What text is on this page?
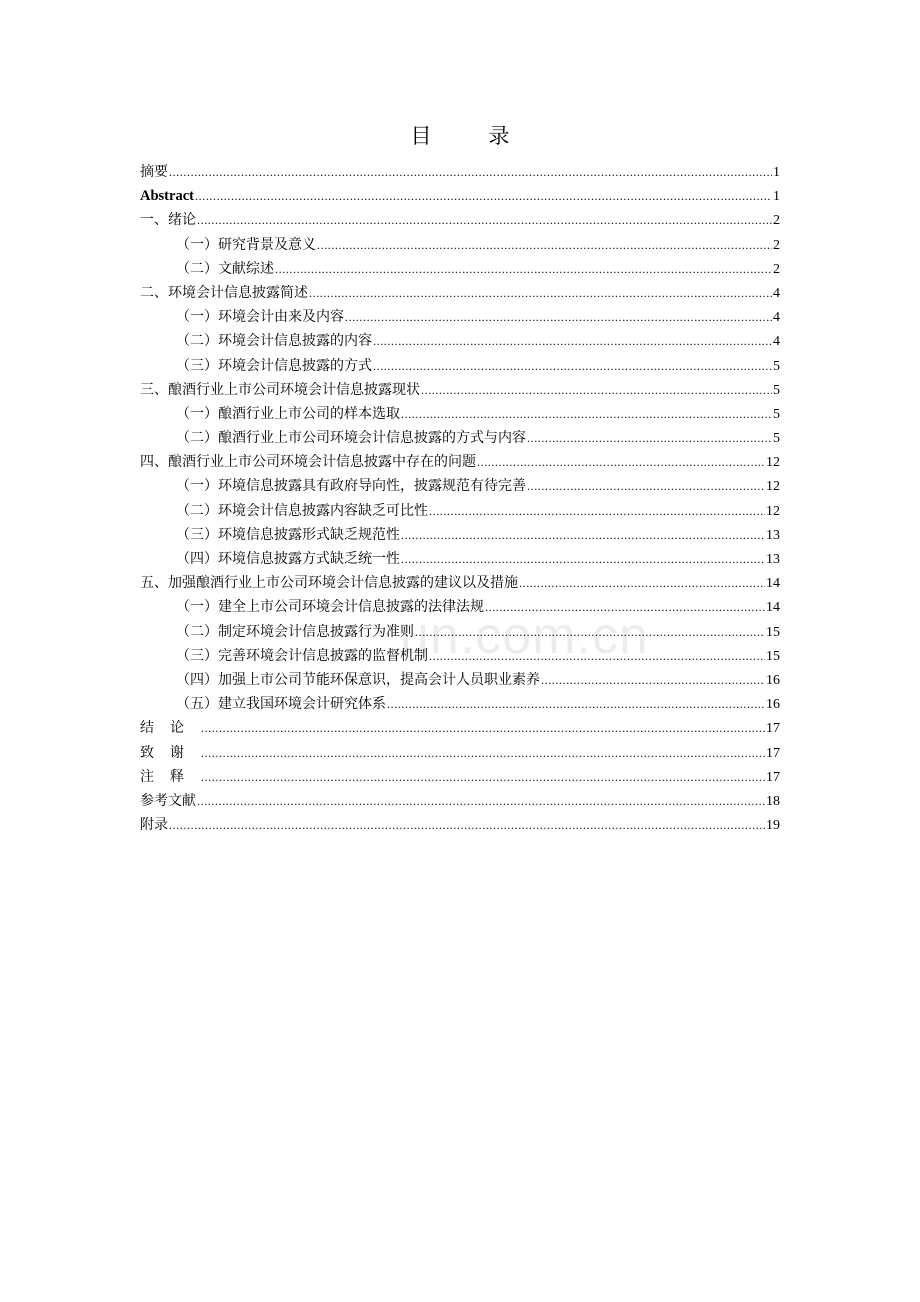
目　录
摘要 .....	1
Abstract .....	1
一、绪论 .....	2
（一）研究背景及意义 .....	2
（二）文献综述 .....	2
二、环境会计信息披露简述 .....	4
（一）环境会计由来及内容 .....	4
（二）环境会计信息披露的内容 .....	4
（三）环境会计信息披露的方式 .....	5
三、酿酒行业上市公司环境会计信息披露现状 .....	5
（一）酿酒行业上市公司的样本选取 .....	5
（二）酿酒行业上市公司环境会计信息披露的方式与内容 .....	5
四、酿酒行业上市公司环境会计信息披露中存在的问题 .....	12
（一）环境信息披露具有政府导向性，披露规范有待完善 .....	12
（二）环境会计信息披露内容缺乏可比性 .....	12
（三）环境信息披露形式缺乏规范性 .....	13
（四）环境信息披露方式缺乏统一性 .....	13
五、加强酿酒行业上市公司环境会计信息披露的建议以及措施 .....	14
（一）建全上市公司环境会计信息披露的法律法规 .....	14
（二）制定环境会计信息披露行为准则 .....	15
（三）完善环境会计信息披露的监督机制 .....	15
（四）加强上市公司节能环保意识，提高会计人员职业素养 .....	16
（五）建立我国环境会计研究体系 .....	16
结论 .....	17
致谢 .....	17
注释 .....	17
参考文献 .....	18
附录 .....	19
un.com.cn
